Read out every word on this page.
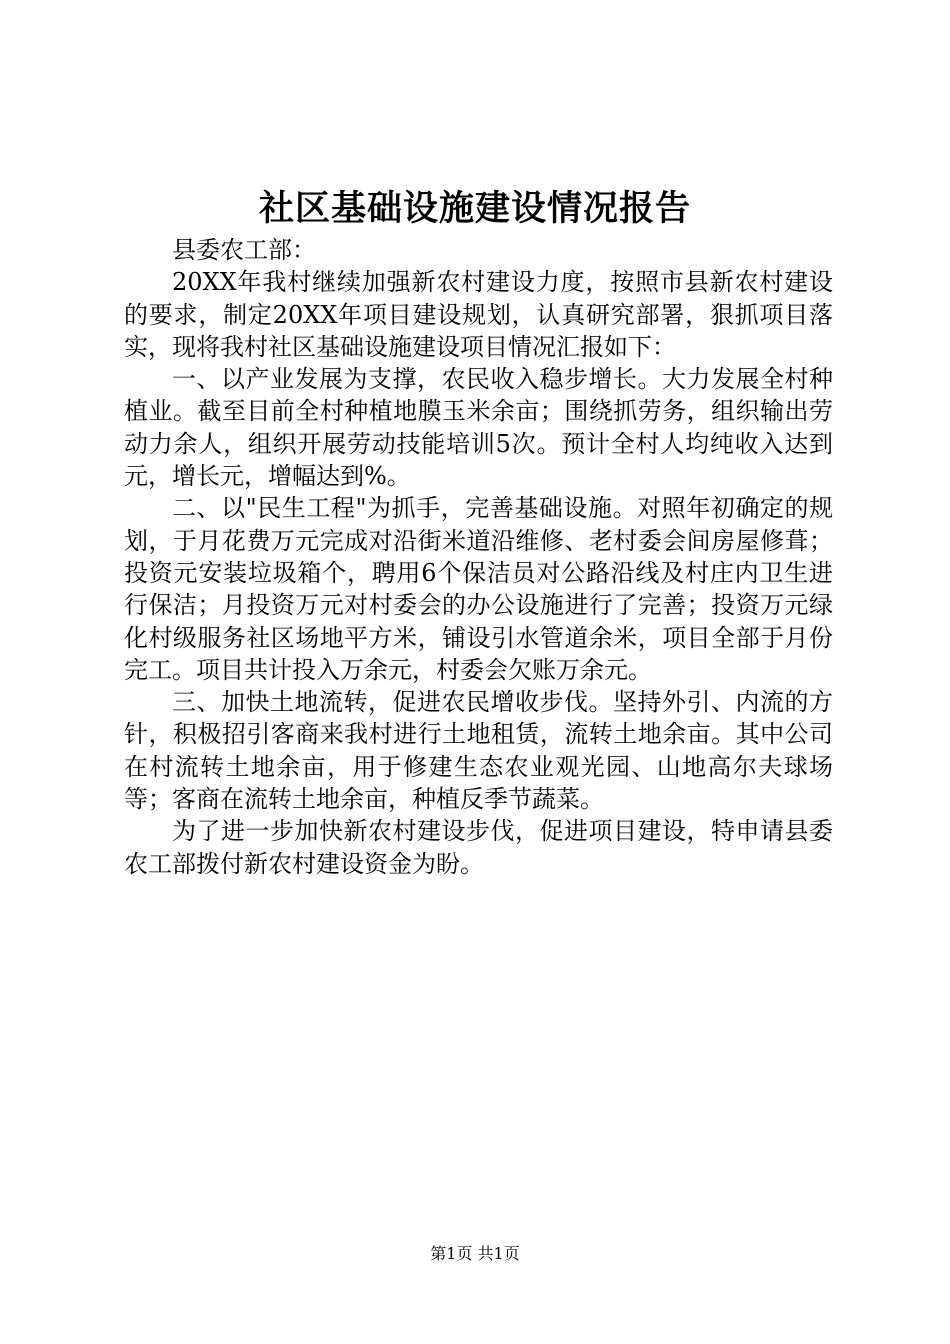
社区基础设施建设情况报告

县委农工部：

20XX年我村继续加强新农村建设力度，按照市县新农村建设的要求，制定20XX年项目建设规划，认真研究部署，狠抓项目落实，现将我村社区基础设施建设项目情况汇报如下：

一、以产业发展为支撑，农民收入稳步增长。大力发展全村种植业。截至目前全村种植地膜玉米余亩；围绕抓劳务，组织输出劳动力余人，组织开展劳动技能培训5次。预计全村人均纯收入达到元，增长元，增幅达到%。

二、以"民生工程"为抓手，完善基础设施。对照年初确定的规划，于月花费万元完成对沿街米道沿维修、老村委会间房屋修葺；投资元安装垃圾箱个，聘用6个保洁员对公路沿线及村庄内卫生进行保洁；月投资万元对村委会的办公设施进行了完善；投资万元绿化村级服务社区场地平方米，铺设引水管道余米，项目全部于月份完工。项目共计投入万余元，村委会欠账万余元。

三、加快土地流转，促进农民增收步伐。坚持外引、内流的方针，积极招引客商来我村进行土地租赁，流转土地余亩。其中公司在村流转土地余亩，用于修建生态农业观光园、山地高尔夫球场等；客商在流转土地余亩，种植反季节蔬菜。

为了进一步加快新农村建设步伐，促进项目建设，特申请县委农工部拨付新农村建设资金为盼。

第1页 共1页
